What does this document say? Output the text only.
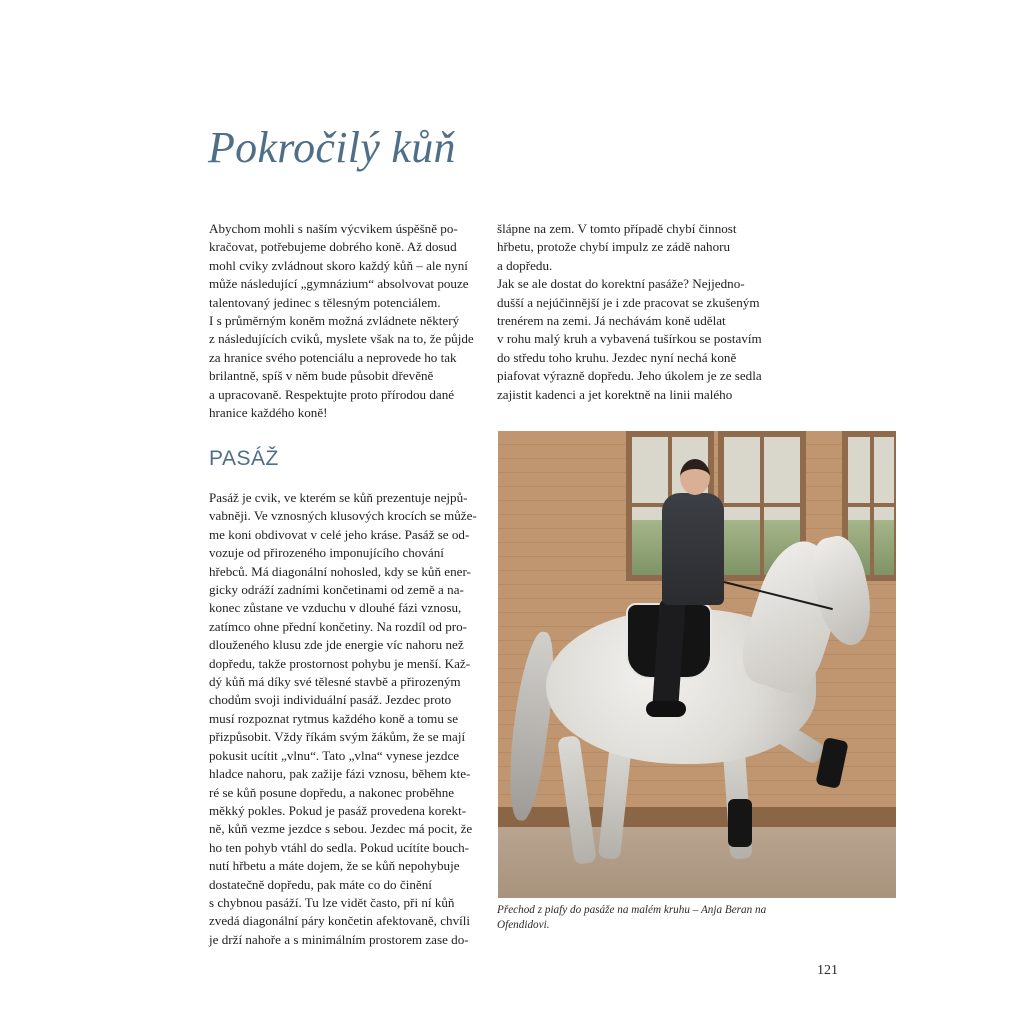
Pokročilý kůň

Abychom mohli s naším výcvikem úspěšně po-
kračovat, potřebujeme dobrého koně. Až dosud
mohl cviky zvládnout skoro každý kůň – ale nyní
může následující „gymnázium“ absolvovat pouze
talentovaný jedinec s tělesným potenciálem.
I s průměrným koněm možná zvládnete některý
z následujících cviků, myslete však na to, že půjde
za hranice svého potenciálu a neprovede ho tak
brilantně, spíš v něm bude působit dřevěně
a upracovaně. Respektujte proto přírodou dané
hranice každého koně!

šlápne na zem. V tomto případě chybí činnost
hřbetu, protože chybí impulz ze zádě nahoru
a dopředu.
Jak se ale dostat do korektní pasáže? Nejjedno-
dušší a nejúčinnější je i zde pracovat se zkušeným
trenérem na zemi. Já nechávám koně udělat
v rohu malý kruh a vybavená tušírkou se postavím
do středu toho kruhu. Jezdec nyní nechá koně
piafovat výrazně dopředu. Jeho úkolem je ze sedla
zajistit kadenci a jet korektně na linii malého

PASÁŽ

Pasáž je cvik, ve kterém se kůň prezentuje nejpů-
vabněji. Ve vznosných klusových krocích se může-
me koni obdivovat v celé jeho kráse. Pasáž se od-
vozuje od přirozeného imponujícího chování
hřebců. Má diagonální nohosled, kdy se kůň ener-
gicky odráží zadními končetinami od země a na-
konec zůstane ve vzduchu v dlouhé fázi vznosu,
zatímco ohne přední končetiny. Na rozdíl od pro-
dlouženého klusu zde jde energie víc nahoru než
dopředu, takže prostornost pohybu je menší. Kaž-
dý kůň má díky své tělesné stavbě a přirozeným
chodům svoji individuální pasáž. Jezdec proto
musí rozpoznat rytmus každého koně a tomu se
přizpůsobit. Vždy říkám svým žákům, že se mají
pokusit ucítit „vlnu“. Tato „vlna“ vynese jezdce
hladce nahoru, pak zažije fázi vznosu, během kte-
ré se kůň posune dopředu, a nakonec proběhne
měkký pokles. Pokud je pasáž provedena korekt-
ně, kůň vezme jezdce s sebou. Jezdec má pocit, že
ho ten pohyb vtáhl do sedla. Pokud ucítíte bouch-
nutí hřbetu a máte dojem, že se kůň nepohybuje
dostatečně dopředu, pak máte co do činění
s chybnou pasáží. Tu lze vidět často, při ní kůň
zvedá diagonální páry končetin afektovaně, chvíli
je drží nahoře a s minimálním prostorem zase do-

Přechod z piafy do pasáže na malém kruhu – Anja Beran na
Ofendidovi.

121
